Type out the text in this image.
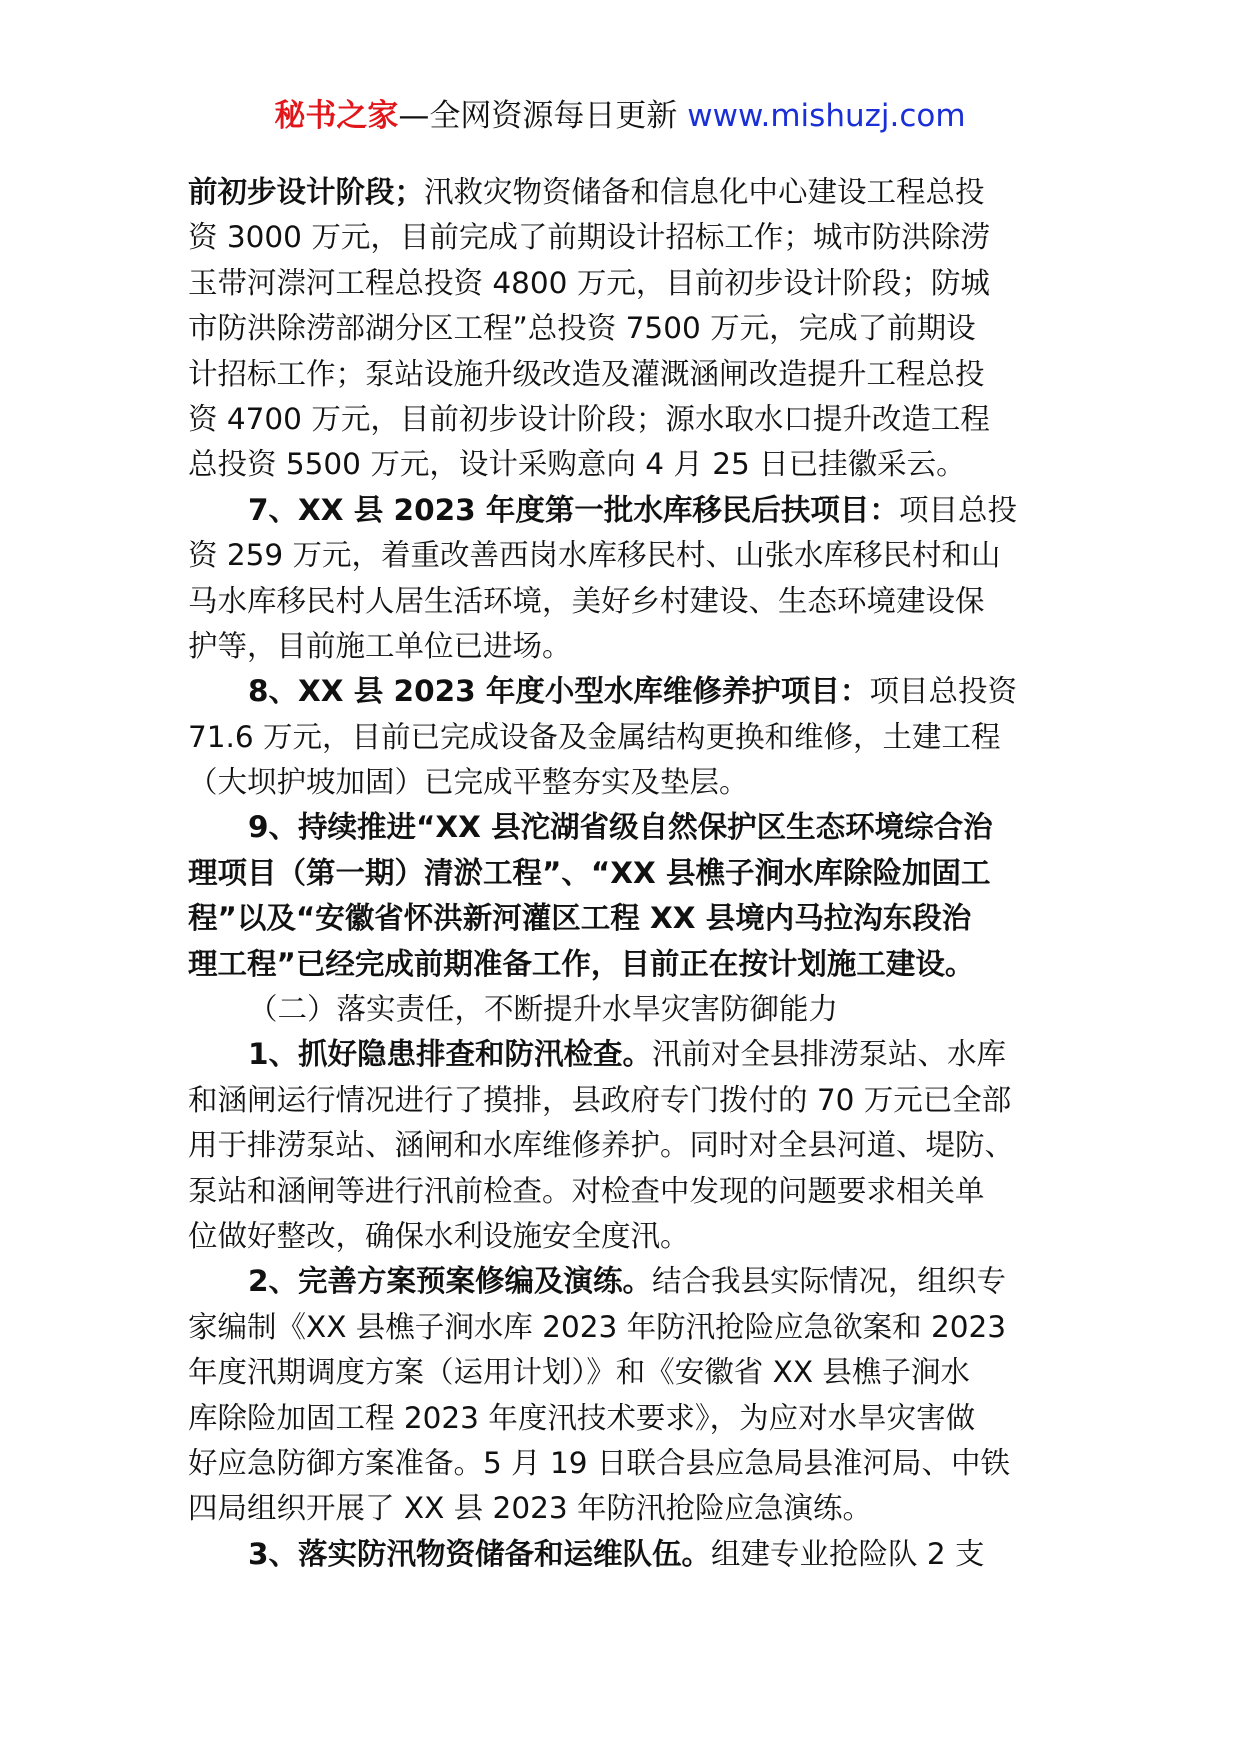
秘书之家—全网资源每日更新 www.mishuzj.com
前初步设计阶段；汛救灾物资储备和信息化中心建设工程总投
资 3000 万元，目前完成了前期设计招标工作；城市防洪除涝
玉带河漴河工程总投资 4800 万元，目前初步设计阶段；防城
市防洪除涝部湖分区工程”总投资 7500 万元，完成了前期设
计招标工作；泵站设施升级改造及灌溉涵闸改造提升工程总投
资 4700 万元，目前初步设计阶段；源水取水口提升改造工程
总投资 5500 万元，设计采购意向 4 月 25 日已挂徽采云。
7、XX 县 2023 年度第一批水库移民后扶项目：项目总投
资 259 万元，着重改善西岗水库移民村、山张水库移民村和山
马水库移民村人居生活环境，美好乡村建设、生态环境建设保
护等，目前施工单位已进场。
8、XX 县 2023 年度小型水库维修养护项目：项目总投资
71.6 万元，目前已完成设备及金属结构更换和维修，土建工程
（大坝护坡加固）已完成平整夯实及垫层。
9、持续推进“XX 县沱湖省级自然保护区生态环境综合治
理项目（第一期）清淤工程”、“XX 县樵子涧水库除险加固工
程”以及“安徽省怀洪新河灌区工程 XX 县境内马拉沟东段治
理工程”已经完成前期准备工作，目前正在按计划施工建设。
（二）落实责任，不断提升水旱灾害防御能力
1、抓好隐患排查和防汛检查。汛前对全县排涝泵站、水库
和涵闸运行情况进行了摸排，县政府专门拨付的 70 万元已全部
用于排涝泵站、涵闸和水库维修养护。同时对全县河道、堤防、
泵站和涵闸等进行汛前检查。对检查中发现的问题要求相关单
位做好整改，确保水利设施安全度汛。
2、完善方案预案修编及演练。结合我县实际情况，组织专
家编制《XX 县樵子涧水库 2023 年防汛抢险应急欲案和 2023
年度汛期调度方案（运用计划）》和《安徽省 XX 县樵子涧水
库除险加固工程 2023 年度汛技术要求》，为应对水旱灾害做
好应急防御方案准备。5 月 19 日联合县应急局县淮河局、中铁
四局组织开展了 XX 县 2023 年防汛抢险应急演练。
3、落实防汛物资储备和运维队伍。组建专业抢险队 2 支
